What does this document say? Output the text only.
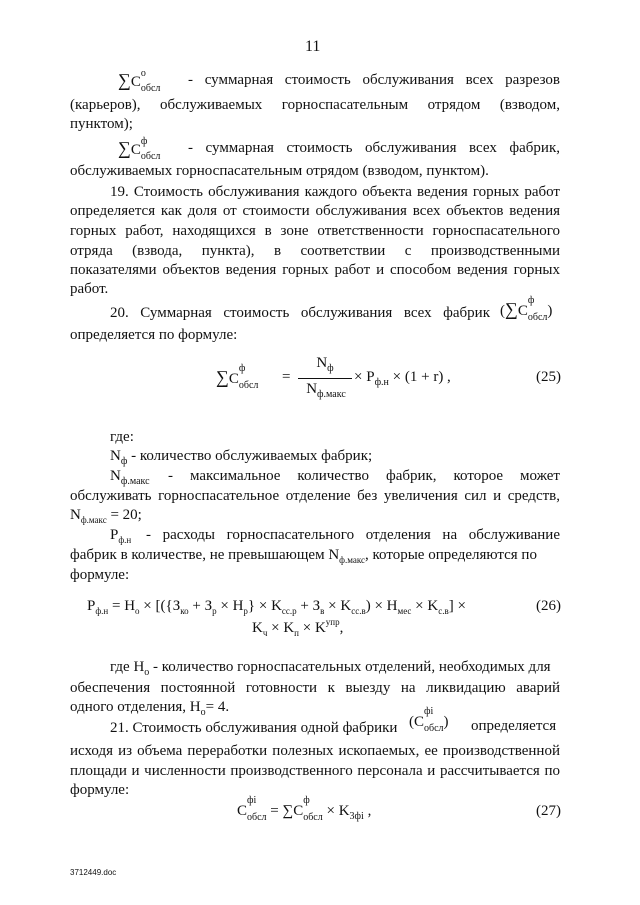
11
∑C
о
$_{обсл}$
- суммарная стоимость обслуживания всех разрезов
(карьеров), обслуживаемых горноспасательным отрядом (взводом,
пунктом);
∑C
ф
$_{обсл}$
- суммарная стоимость обслуживания всех фабрик,
обслуживаемых горноспасательным отрядом (взводом, пунктом).
19. Стоимость обслуживания каждого объекта ведения горных работ
определяется как доля от стоимости обслуживания всех объектов ведения
горных работ, находящихся в зоне ответственности горноспасательного
отряда (взвода, пункта), в соответствии с производственными
показателями объектов ведения горных работ и способом ведения горных
работ.
20. Суммарная стоимость обслуживания всех фабрик (∑C
ф
$_{обсл}$)
определяется по формуле:
∑C
ф
$_{обсл}$
=
$N_ф$
$N_{ф.макс}$
× $P_{ф.н} \times (1 + r)$ ,	(25)
где:
$N_ф$ - количество обслуживаемых фабрик;
$N_{ф.макс}$ - максимальное количество фабрик, которое может
обслуживать горноспасательное отделение без увеличения сил и средств,
$N_{ф.макс} = 20$;
$P_{ф.н}$ - расходы горноспасательного отделения на обслуживание
фабрик в количестве, не превышающем $N_{ф.макс}$, которые определяются по
формуле:
$P_{ф.н} = H_о \times [(\{З_{ко} + З_р \times H_р\} \times K_{сс.р} + З_в \times K_{сс.в}) \times H_{мес} \times K_{с.в}]$ ×
$K_ч \times K_п \times K^{упр}$,
(26)
где $H_о$ - количество горноспасательных отделений, необходимых для
обеспечения постоянной готовности к выезду на ликвидацию аварий
одного отделения, $H_о= 4$.
21. Стоимость обслуживания одной фабрики (C
фi
$_{обсл}$) определяется
исходя из объема переработки полезных ископаемых, ее производственной
площади и численности производственного персонала и рассчитывается по
формуле:
C
фi
$_{обсл}$ = ∑C
ф
$_{обсл} \times K_{3фi}$ ,	(27)
3712449.doc
